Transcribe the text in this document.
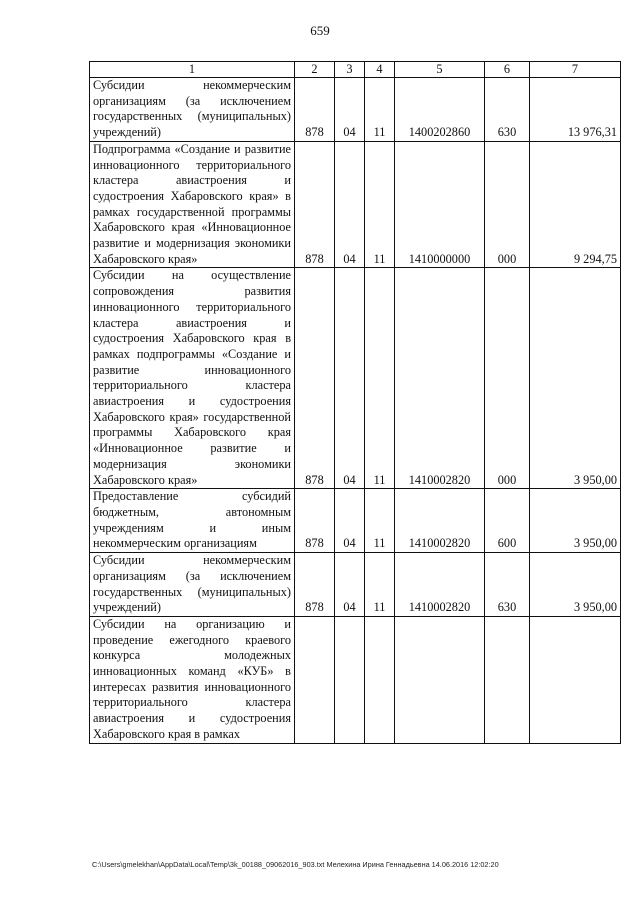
659
1	2	3	4	5	6	7

Субсидии некоммерческим организациям (за исключением государственных (муниципальных) учреждений)	878	04	11	1400202860	630	13 976,31

Подпрограмма «Создание и развитие инновационного территориального кластера авиастроения и судостроения Хабаровского края» в рамках государственной программы Хабаровского края «Инновационное развитие и модернизация экономики Хабаровского края»	878	04	11	1410000000	000	9 294,75

Субсидии на осуществление сопровождения развития инновационного территориального кластера авиастроения и судостроения Хабаровского края в рамках подпрограммы «Создание и развитие инновационного территориального кластера авиастроения и судостроения Хабаровского края» государственной программы Хабаровского края «Инновационное развитие и модернизация экономики Хабаровского края»	878	04	11	1410002820	000	3 950,00

Предоставление субсидий бюджетным, автономным учреждениям и иным некоммерческим организациям	878	04	11	1410002820	600	3 950,00

Субсидии некоммерческим организациям (за исключением государственных (муниципальных) учреждений)	878	04	11	1410002820	630	3 950,00

Субсидии на организацию и проведение ежегодного краевого конкурса молодежных инновационных команд «КУБ» в интересах развития инновационного территориального кластера авиастроения и судостроения Хабаровского края в рамках						

C:\Users\gmelekhan\AppData\Local\Temp\3k_00188_09062016_903.txt Мелехина Ирина Геннадьевна 14.06.2016 12:02:20
